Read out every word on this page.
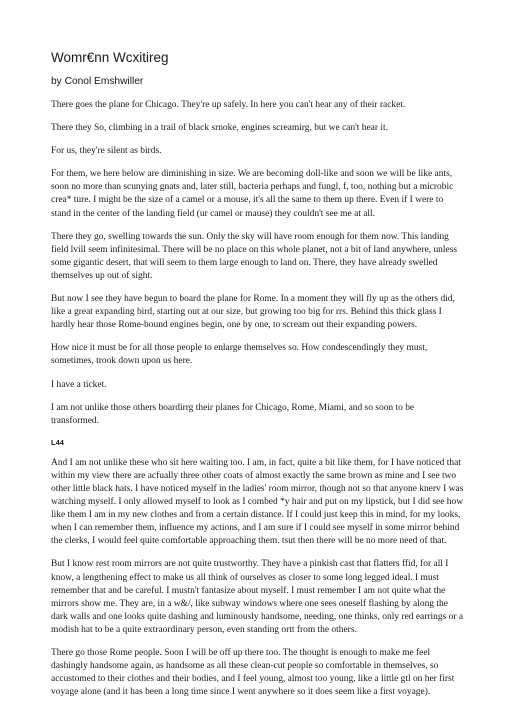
Womr€nn Wcxitireg

by Conol Emshwiller

There goes the plane for Chicago. They're up safely. In here you can't hear any of their racket.

There they So, climbing in a trail of black srnoke, engines screamirg, but we can't hear it.

For us, they're silent as birds.

For them, we here below are diminishing in size. We are becoming doll-like and soon we will be like ants, soon no more than scunying gnats and, later still, bacteria perhaps and fungl, f, too, nothing but a microbic crea* ture. I might be the size of a camel or a mouse, it's all the same to them up there. Even if I were to stand in the center of the landing field (ur camel or mause) they couldn't see me at all.

There they go, swelling towards the sun. Only the sky will have room enough for them now. This landing field lvill seem infinitesimal. There will be no place on this whole planet, not a bit of land anywhere, unless some gigantic desert, that will seem to them large enough to land on. There, they have already swelled themselves up out of sight.

But now I see they have begun to board the plane for Rome. In a moment they will fly up as the others did, like a great expanding bird, starting out at our size, but growing too big for rrs. Behind this thick glass I hardly hear those Rome-bound engines begin, one by one, to scream out their expanding powers.

How nice it must be for all those people to enlarge themselves so. How condescendingly they must, sometimes, trook down upon us here.

I have a ticket.

I am not unlike those others boardirrg their planes for Chicago, Rome, Miami, and so soon to be transformed.

L44

And I am not unlike these who sit here waiting too. I am, in fact, quite a bit like them, for I have noticed that within my view there are acfually three other coats of almost exactly the same brown as mine and I see two other little black hats. I have noticed myself in the ladies' room mirror, though not so that anyone knerv I was watching myself. I only allowed myself to look as I combed *y hair and put on my lipstick, but I did see how like them I am in my new clothes and from a certain distance. If I could just keep this in mind, for my looks, when I can remember them, influence my actions, and I am sure if I could see myself in some mirror behind the clerks, I would feel quite comfortable approaching them. tsut then there will be no more need of that.

But I know rest room mirrors are not quite trustworthy. They have a pinkish cast that flatters ffid, for all I know, a lengthening effect to make us all think of ourselves as closer to some long legged ideal. I must remember that and be careful. I mustn't fantasize about myself. I must remember I am not quite what the mirrors show me. They are, in a w&/, like subway windows where one sees oneself flashing by along the dark walls and one looks quite dashing and luminously handsome, needing, one thinks, only red earrings or a modish hat to be a quite extraordinary person, even standing ortt from the others.

There go those Rome people. Soon I will be off up there too. The thought is enough to make me feel dashingly handsome again, as handsome as all these clean-cut people so comfortable in themselves, so accustomed to their clothes and their bodies, and I feel young, almost too young, like a little gtl on her first voyage alone (and it has been a long time since I went anywhere so it does seem like a first voyage).
